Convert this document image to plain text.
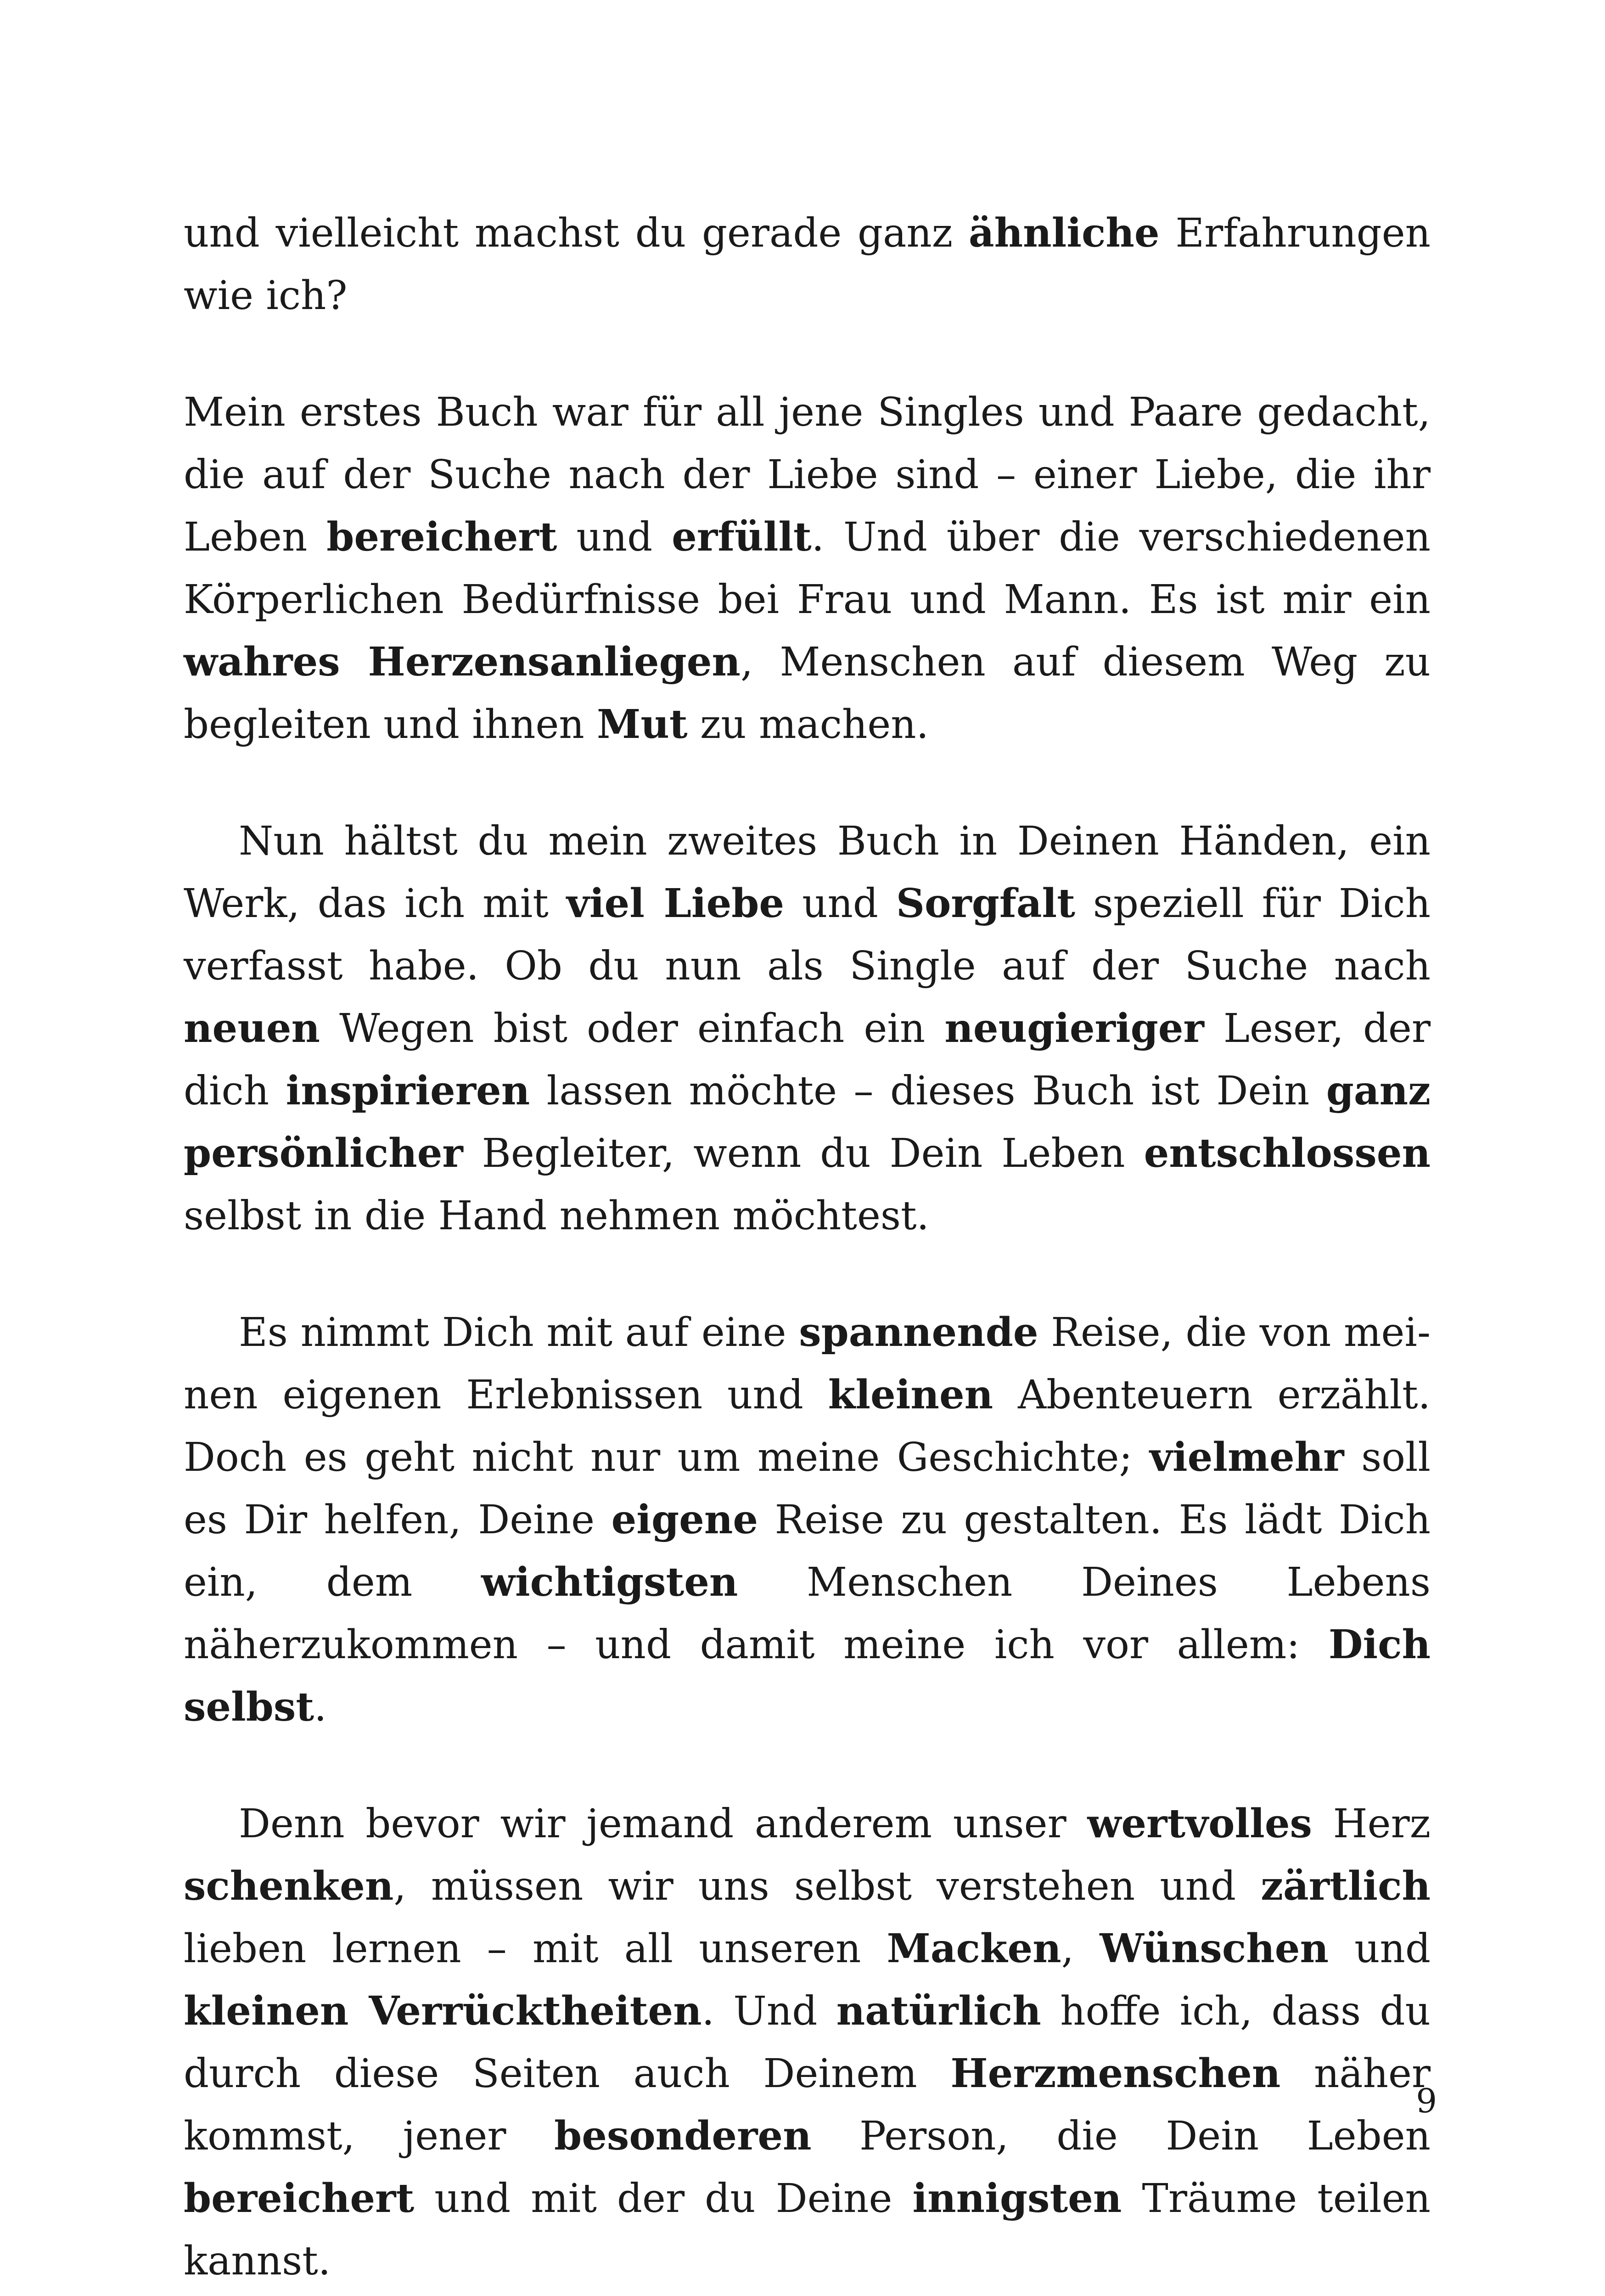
und vielleicht machst du gerade ganz ähnliche Erfahrungen wie ich?

Mein erstes Buch war für all jene Singles und Paare gedacht, die auf der Suche nach der Liebe sind – einer Liebe, die ihr Leben bereichert und erfüllt. Und über die verschiedenen Körperlichen Bedürfnisse bei Frau und Mann. Es ist mir ein wahres Herzensanliegen, Menschen auf diesem Weg zu begleiten und ihnen Mut zu machen.

Nun hältst du mein zweites Buch in Deinen Händen, ein Werk, das ich mit viel Liebe und Sorgfalt speziell für Dich verfasst habe. Ob du nun als Single auf der Suche nach neuen Wegen bist oder einfach ein neugieriger Leser, der dich inspirieren lassen möchte – dieses Buch ist Dein ganz persönlicher Begleiter, wenn du Dein Leben entschlossen selbst in die Hand nehmen möchtest.

Es nimmt Dich mit auf eine spannende Reise, die von meinen eigenen Erlebnissen und kleinen Abenteuern erzählt. Doch es geht nicht nur um meine Geschichte; vielmehr soll es Dir helfen, Deine eigene Reise zu gestalten. Es lädt Dich ein, dem wichtigsten Menschen Deines Lebens näherzukommen – und damit meine ich vor allem: Dich selbst.

Denn bevor wir jemand anderem unser wertvolles Herz schenken, müssen wir uns selbst verstehen und zärtlich lieben lernen – mit all unseren Macken, Wünschen und kleinen Verrücktheiten. Und natürlich hoffe ich, dass du durch diese Seiten auch Deinem Herzmenschen näher kommst, jener besonderen Person, die Dein Leben bereichert und mit der du Deine innigsten Träume teilen kannst.

9
